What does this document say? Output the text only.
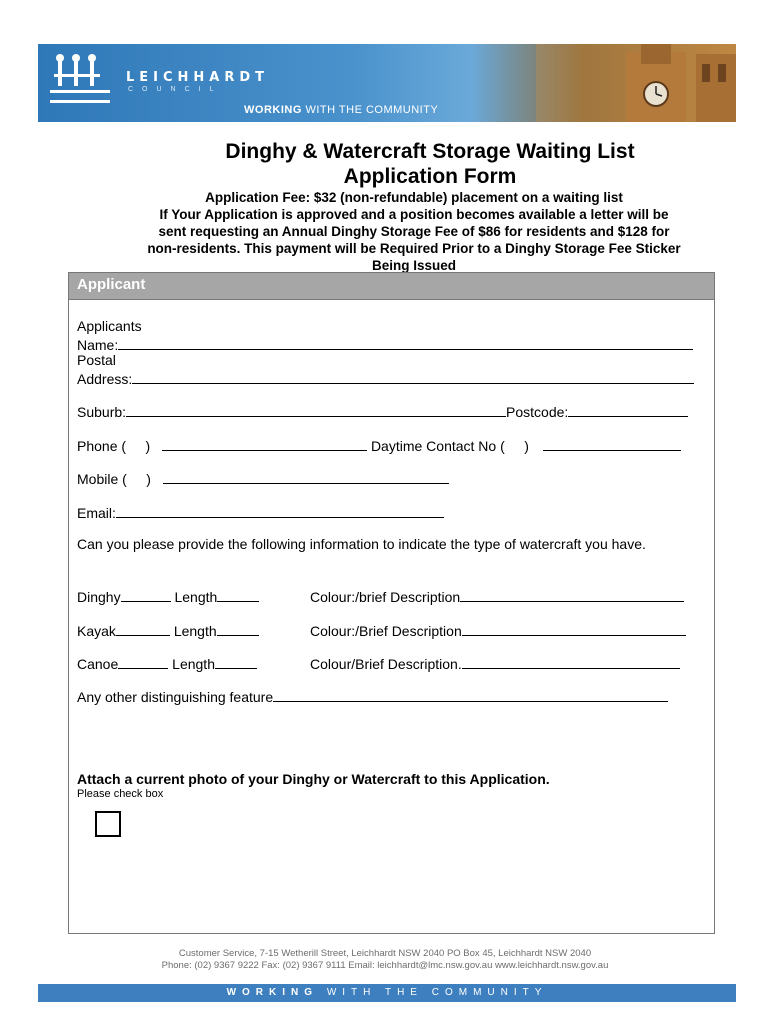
LEICHHARDT
COUNCIL
WORKING WITH THE COMMUNITY
Dinghy & Watercraft Storage Waiting List
Application Form
Application Fee: $32 (non-refundable) placement on a waiting list
If Your Application is approved and a position becomes available a letter will be
sent requesting an Annual Dinghy Storage Fee of $86 for residents and $128 for
non-residents. This payment will be Required Prior to a Dinghy Storage Fee Sticker
Being Issued
Applicant
Applicants
Name:
Postal
Address:
Suburb:	Postcode:
Phone (     )	Daytime Contact No (     )
Mobile (     )
Email:
Can you please provide the following information to indicate the type of watercraft you have.
Dinghy	Length	Colour:/brief Description
Kayak	Length	Colour:/Brief Description
Canoe	Length	Colour/Brief Description.
Any other distinguishing feature
Attach a current photo of your Dinghy or Watercraft to this Application.
Please check box
Customer Service, 7-15 Wetherill Street, Leichhardt NSW 2040 PO Box 45, Leichhardt NSW 2040
Phone: (02) 9367 9222 Fax: (02) 9367 9111 Email: leichhardt@lmc.nsw.gov.au www.leichhardt.nsw.gov.au
WORKING WITH THE COMMUNITY
